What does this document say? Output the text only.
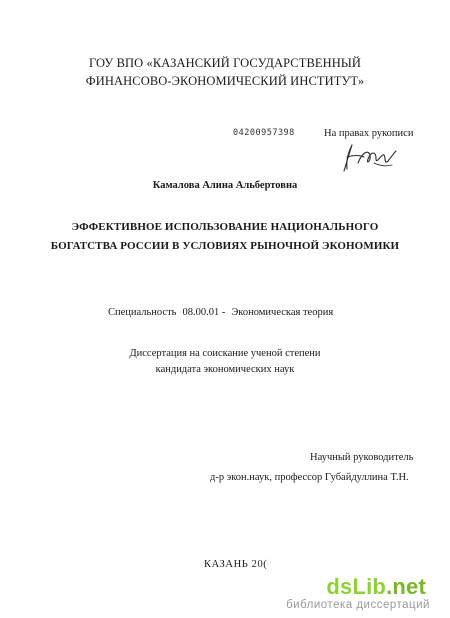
ГОУ ВПО «КАЗАНСКИЙ ГОСУДАРСТВЕННЫЙ
ФИНАНСОВО-ЭКОНОМИЧЕСКИЙ ИНСТИТУТ»
04200957398	На правах рукописи
Камалова Алина Альбертовна
ЭФФЕКТИВНОЕ ИСПОЛЬЗОВАНИЕ НАЦИОНАЛЬНОГО
БОГАТСТВА РОССИИ В УСЛОВИЯХ РЫНОЧНОЙ ЭКОНОМИКИ
Специальность 08.00.01 - Экономическая теория
Диссертация на соискание ученой степени
кандидата экономических наук
Научный руководитель
д-р экон.наук, профессор Губайдуллина Т.Н.
КАЗАНЬ 20(
dsLib.net
библиотека диссертаций
